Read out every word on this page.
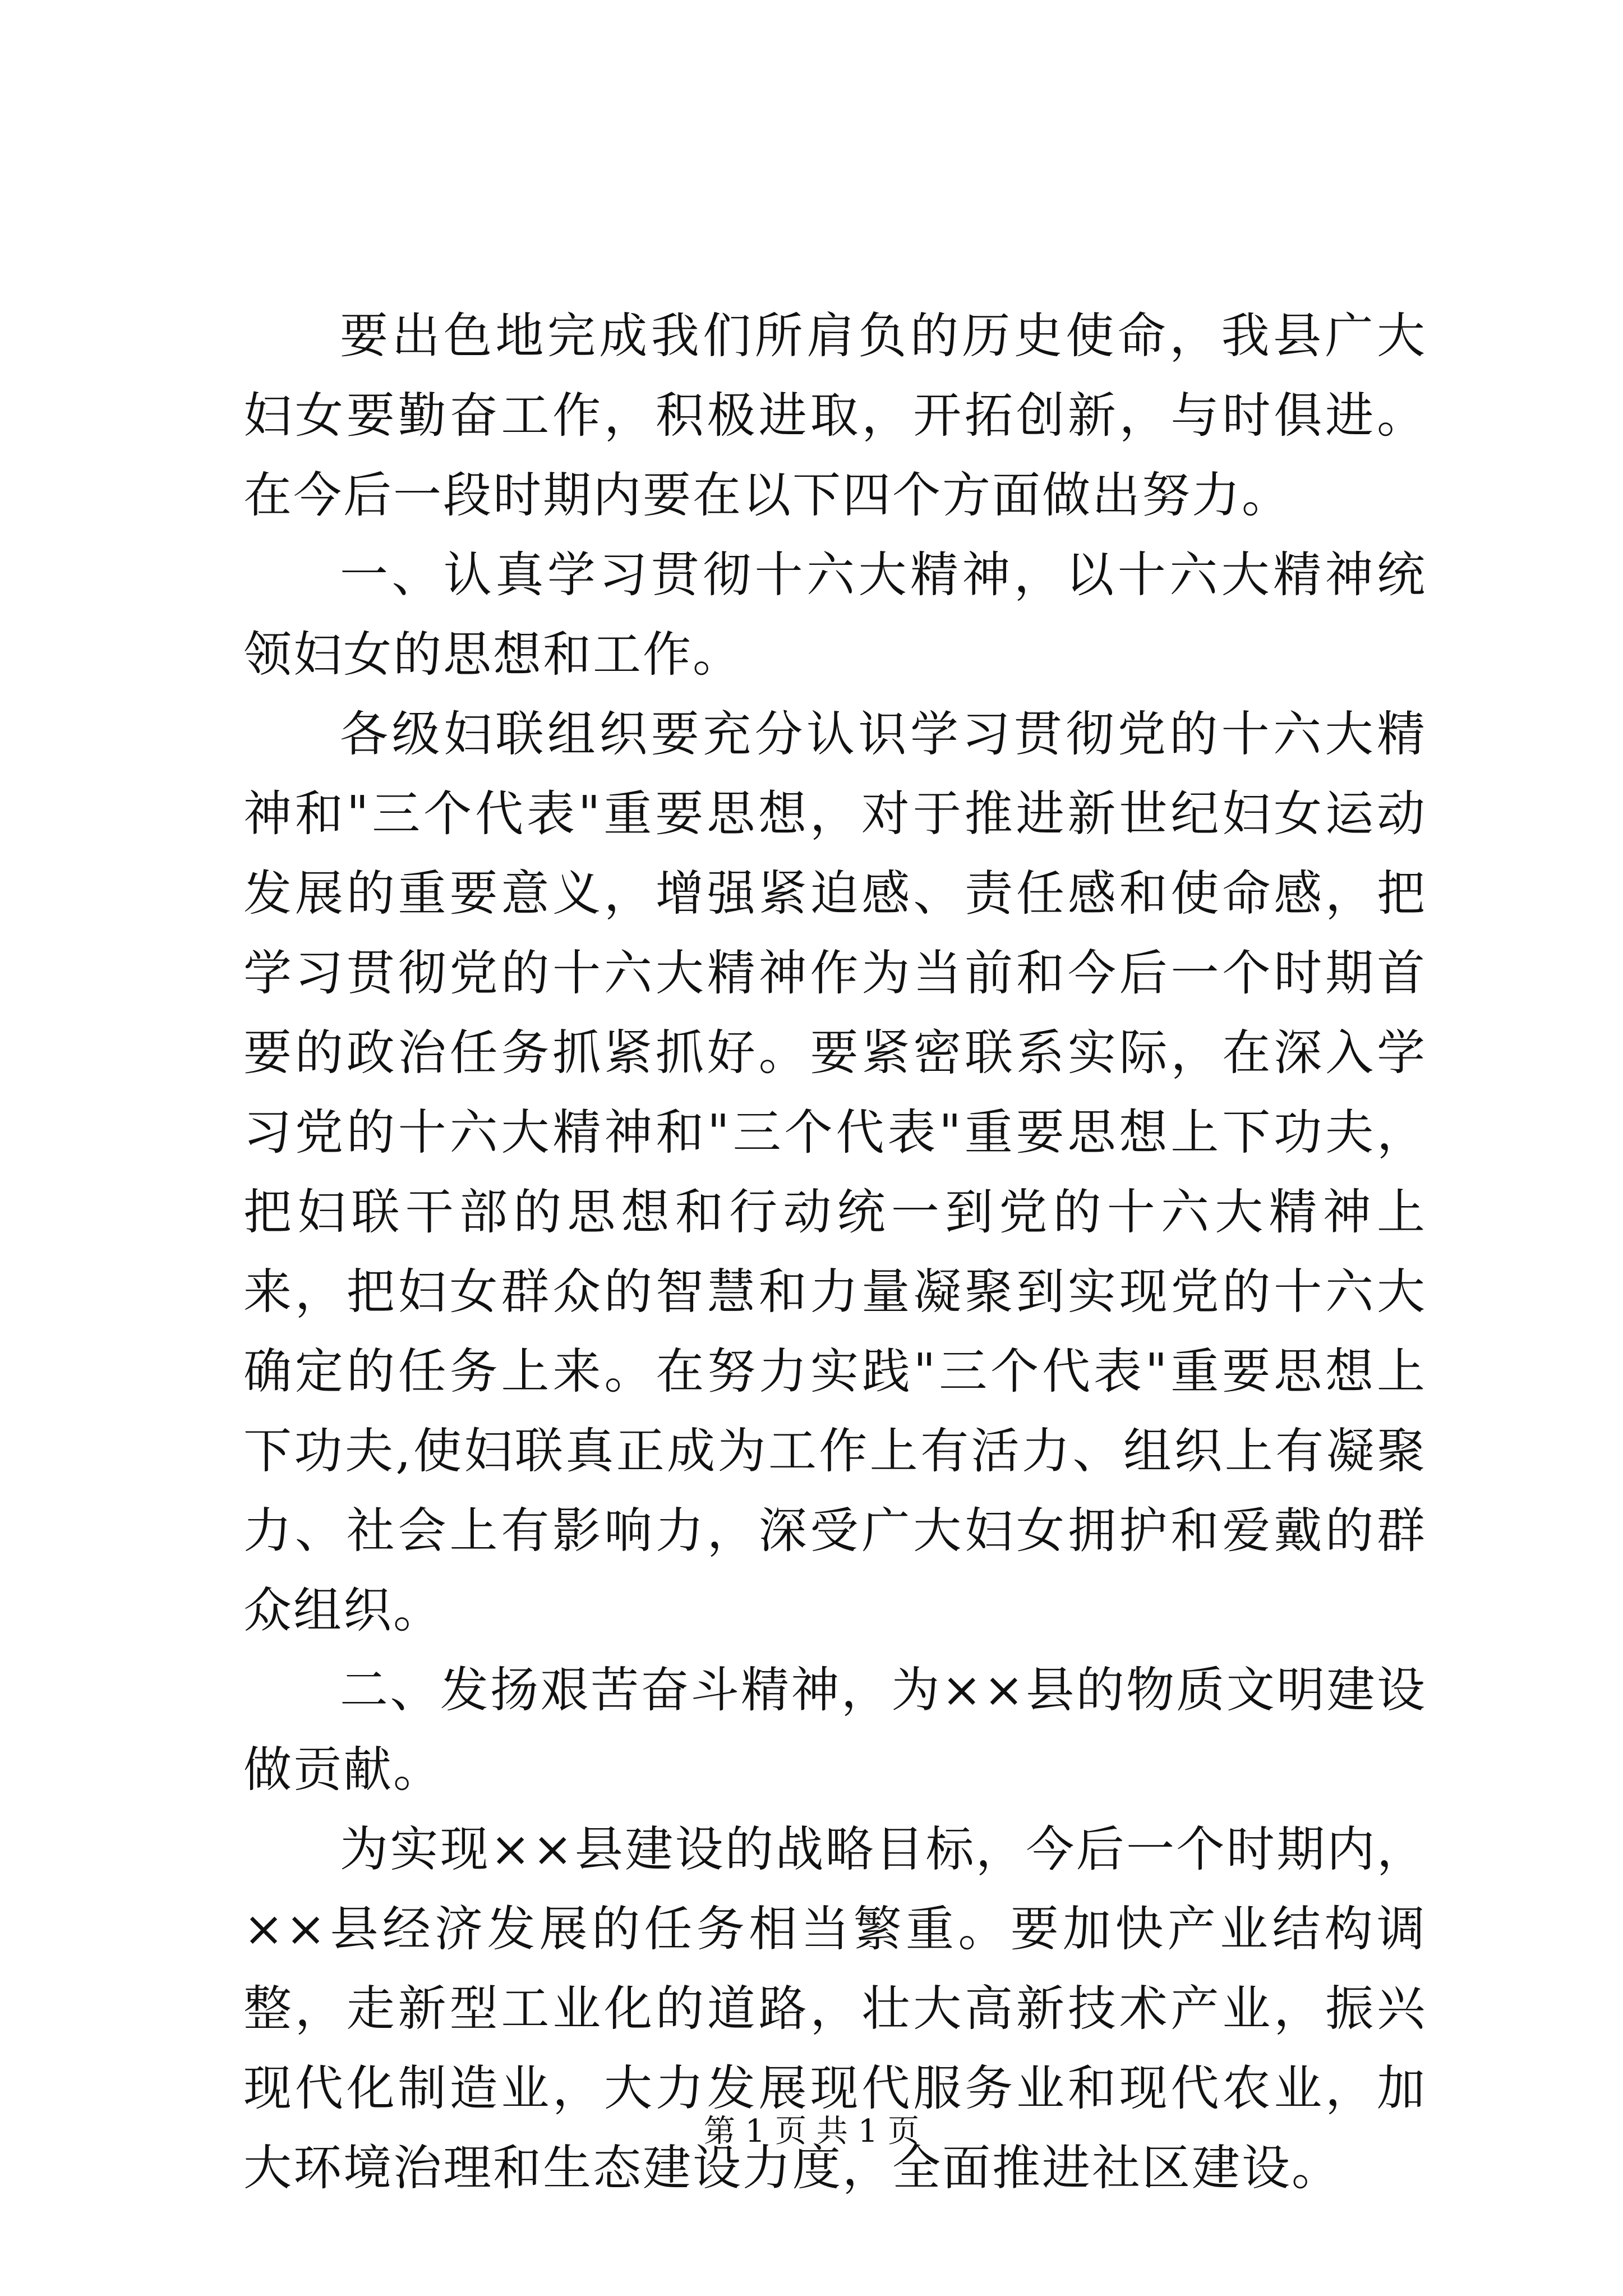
要出色地完成我们所肩负的历史使命，我县广大妇女要勤奋工作，积极进取，开拓创新，与时俱进。在今后一段时期内要在以下四个方面做出努力。

一、认真学习贯彻十六大精神，以十六大精神统领妇女的思想和工作。

各级妇联组织要充分认识学习贯彻党的十六大精神和"三个代表"重要思想，对于推进新世纪妇女运动发展的重要意义，增强紧迫感、责任感和使命感，把学习贯彻党的十六大精神作为当前和今后一个时期首要的政治任务抓紧抓好。要紧密联系实际，在深入学习党的十六大精神和"三个代表"重要思想上下功夫，把妇联干部的思想和行动统一到党的十六大精神上来，把妇女群众的智慧和力量凝聚到实现党的十六大确定的任务上来。在努力实践"三个代表"重要思想上下功夫,使妇联真正成为工作上有活力、组织上有凝聚力、社会上有影响力，深受广大妇女拥护和爱戴的群众组织。

二、发扬艰苦奋斗精神，为××县的物质文明建设做贡献。

为实现××县建设的战略目标，今后一个时期内，××县经济发展的任务相当繁重。要加快产业结构调整，走新型工业化的道路，壮大高新技术产业，振兴现代化制造业，大力发展现代服务业和现代农业，加大环境治理和生态建设力度，全面推进社区建设。

第 1 页 共 1 页
